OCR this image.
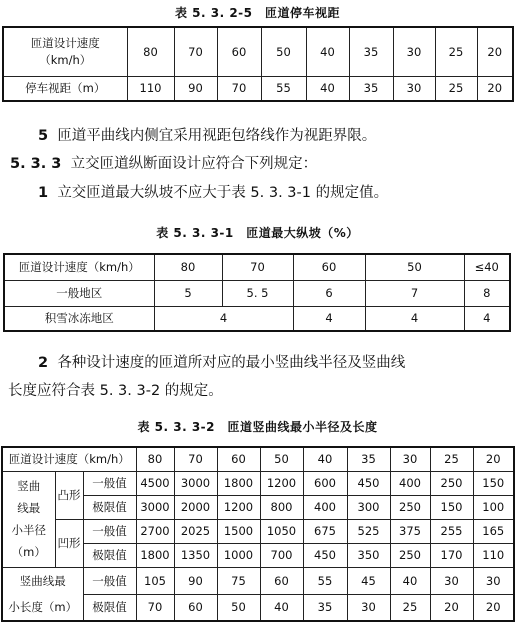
表 5. 3. 2-5　匝道停车视距
匝道设计速度
（km/h）	80	70	60	50	40	35	30	25	20
停车视距（m）	110	90	70	55	40	35	30	25	20
5 匝道平曲线内侧宜采用视距包络线作为视距界限。
5. 3. 3 立交匝道纵断面设计应符合下列规定：
1 立交匝道最大纵坡不应大于表 5. 3. 3-1 的规定值。
表 5. 3. 3-1　匝道最大纵坡（%）
匝道设计速度（km/h）	80	70	60	50	≤40
一般地区	5	5. 5	6	7	8
积雪冰冻地区	4		4	4	4
2 各种设计速度的匝道所对应的最小竖曲线半径及竖曲线
长度应符合表 5. 3. 3-2 的规定。
表 5. 3. 3-2　匝道竖曲线最小半径及长度
匝道设计速度（km/h）			80	70	60	50	40	35	30	25	20

竖曲
线最
小半径
（m）	凸形	一般值	4500	3000	1800	1200	600	450	400	250	150
		极限值	3000	2000	1200	800	400	300	250	150	100
	凹形	一般值	2700	2025	1500	1050	675	525	375	255	165
		极限值	1800	1350	1000	700	450	350	250	170	110

竖曲线最
小长度（m）		一般值	105	90	75	60	55	45	40	30	30
		极限值	70	60	50	40	35	30	25	20	20
